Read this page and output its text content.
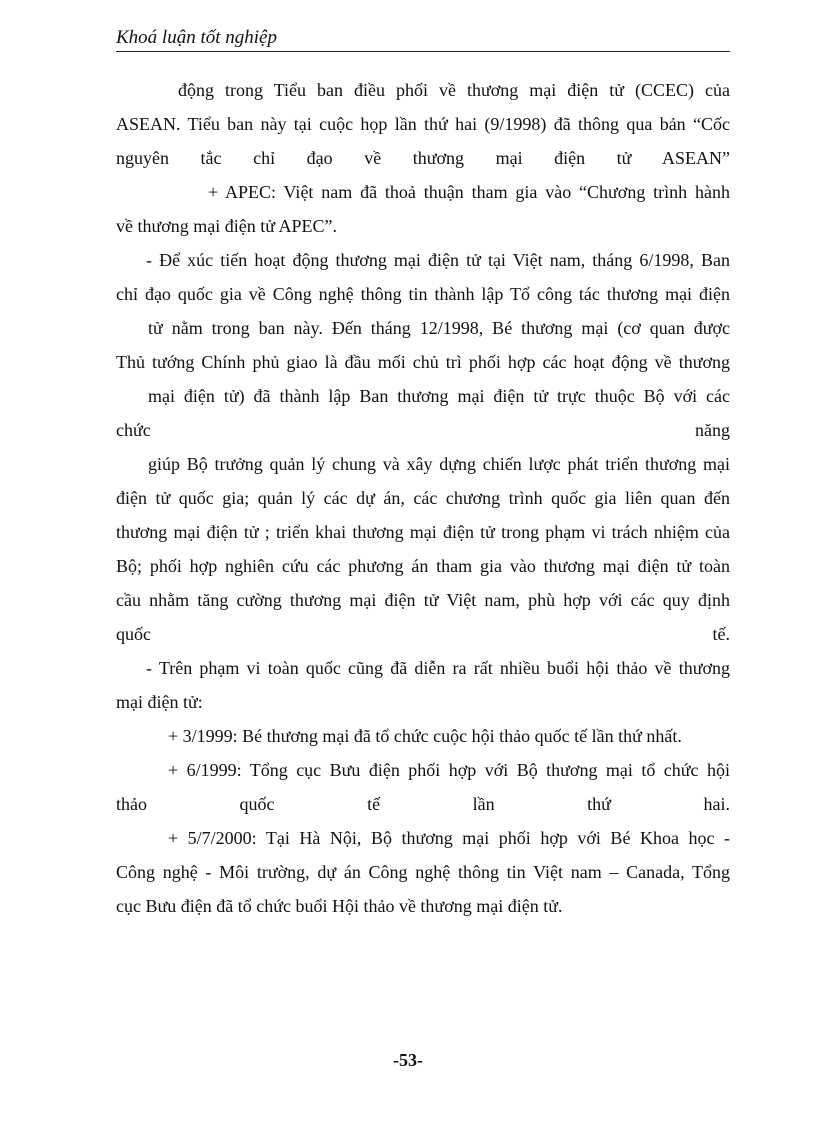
Khoá luận tốt nghiệp
động trong Tiểu ban điều phối về thương mại điện tử (CCEC) của
ASEAN. Tiểu ban này tại cuộc họp lần thứ hai (9/1998) đã thông qua bản “Cốc
nguyên tắc chỉ đạo về thương mại điện tử ASEAN”
+ APEC: Việt nam đã thoả thuận tham gia vào “Chương trình hành
về thương mại điện tử APEC”.
- Để xúc tiến hoạt động thương mại điện tử tại Việt nam, tháng 6/1998, Ban
chỉ đạo quốc gia về Công nghệ thông tin thành lập Tổ công tác thương mại điện
tử nằm trong ban này. Đến tháng 12/1998, Bé thương mại (cơ quan được
Thủ tướng Chính phủ giao là đầu mối chủ trì phối hợp các hoạt động về thương
mại điện tử) đã thành lập Ban thương mại điện tử trực thuộc Bộ với các
chức năng
giúp Bộ trưởng quản lý chung và xây dựng chiến lược phát triển thương mại
điện tử quốc gia; quản lý các dự án, các chương trình quốc gia liên quan đến
thương mại điện tử ; triển khai thương mại điện tử trong phạm vi trách nhiệm của
Bộ; phối hợp nghiên cứu các phương án tham gia vào thương mại điện tử toàn
cầu nhằm tăng cường thương mại điện tử Việt nam, phù hợp với các quy định
quốc tế.
- Trên phạm vi toàn quốc cũng đã diễn ra rất nhiều buổi hội thảo về thương
mại điện tử:
+ 3/1999: Bé thương mại đã tổ chức cuộc hội thảo quốc tế lần thứ nhất.
+ 6/1999: Tổng cục Bưu điện phối hợp với Bộ thương mại tổ chức hội
thảo quốc tế lần thứ hai.
+ 5/7/2000: Tại Hà Nội, Bộ thương mại phối hợp với Bé Khoa học -
Công nghệ - Môi trường, dự án Công nghệ thông tin Việt nam – Canada, Tổng
cục Bưu điện đã tổ chức buổi Hội thảo về thương mại điện tử.
-53-
